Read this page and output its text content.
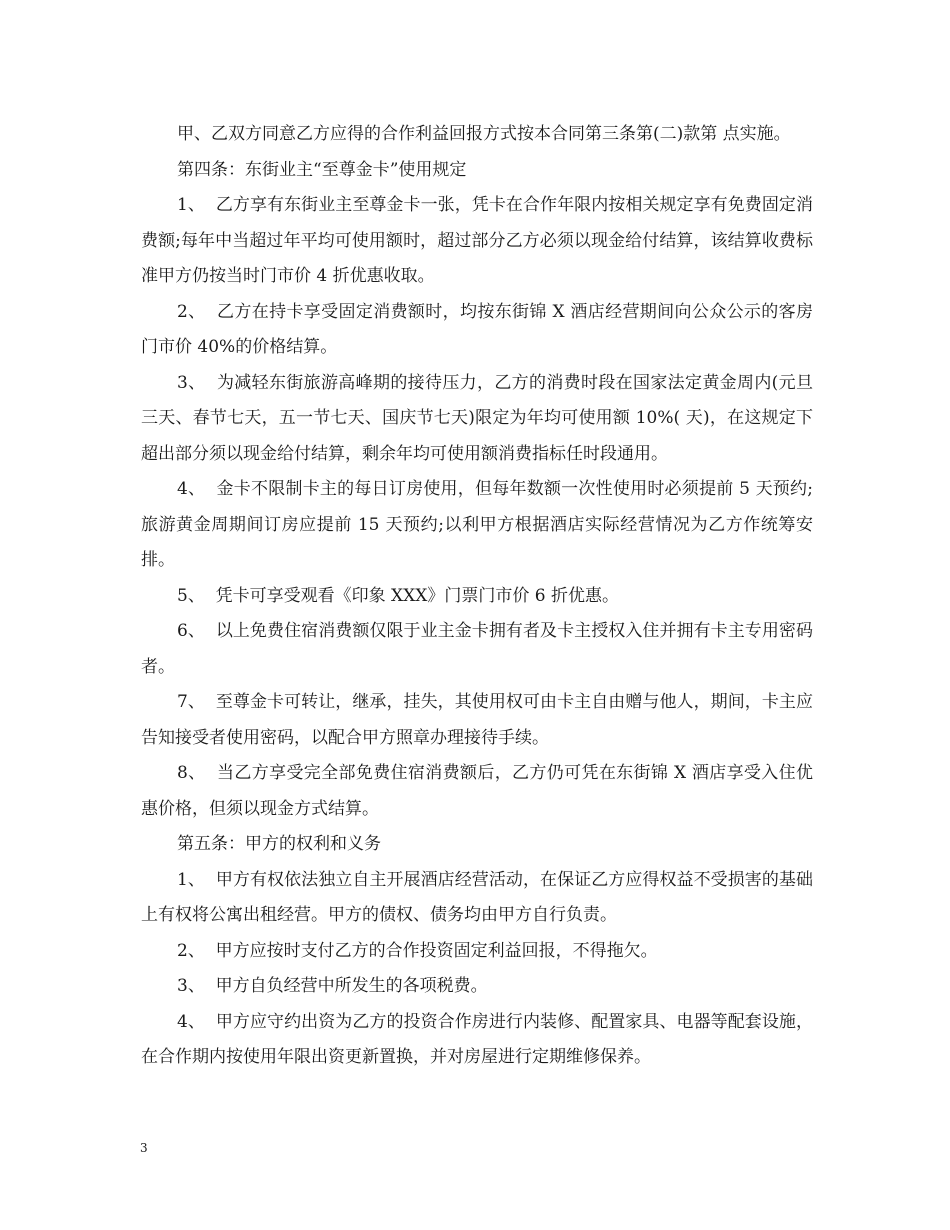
甲、乙双方同意乙方应得的合作利益回报方式按本合同第三条第(二)款第 点实施。

第四条：东街业主“至尊金卡”使用规定

1、  乙方享有东街业主至尊金卡一张，凭卡在合作年限内按相关规定享有免费固定消费额;每年中当超过年平均可使用额时，超过部分乙方必须以现金给付结算，该结算收费标准甲方仍按当时门市价 4 折优惠收取。

2、  乙方在持卡享受固定消费额时，均按东街锦 X 酒店经营期间向公众公示的客房门市价 40%的价格结算。

3、  为减轻东街旅游高峰期的接待压力，乙方的消费时段在国家法定黄金周内(元旦三天、春节七天，五一节七天、国庆节七天)限定为年均可使用额 10%( 天)，在这规定下超出部分须以现金给付结算，剩余年均可使用额消费指标任时段通用。

4、  金卡不限制卡主的每日订房使用，但每年数额一次性使用时必须提前 5 天预约;旅游黄金周期间订房应提前 15 天预约;以利甲方根据酒店实际经营情况为乙方作统筹安排。

5、  凭卡可享受观看《印象 XXX》门票门市价 6 折优惠。

6、  以上免费住宿消费额仅限于业主金卡拥有者及卡主授权入住并拥有卡主专用密码者。

7、  至尊金卡可转让，继承，挂失，其使用权可由卡主自由赠与他人，期间，卡主应告知接受者使用密码，以配合甲方照章办理接待手续。

8、  当乙方享受完全部免费住宿消费额后，乙方仍可凭在东街锦 X 酒店享受入住优惠价格，但须以现金方式结算。

第五条：甲方的权利和义务

1、  甲方有权依法独立自主开展酒店经营活动，在保证乙方应得权益不受损害的基础上有权将公寓出租经营。甲方的债权、债务均由甲方自行负责。

2、  甲方应按时支付乙方的合作投资固定利益回报，不得拖欠。

3、  甲方自负经营中所发生的各项税费。

4、  甲方应守约出资为乙方的投资合作房进行内装修、配置家具、电器等配套设施，在合作期内按使用年限出资更新置换，并对房屋进行定期维修保养。

3
